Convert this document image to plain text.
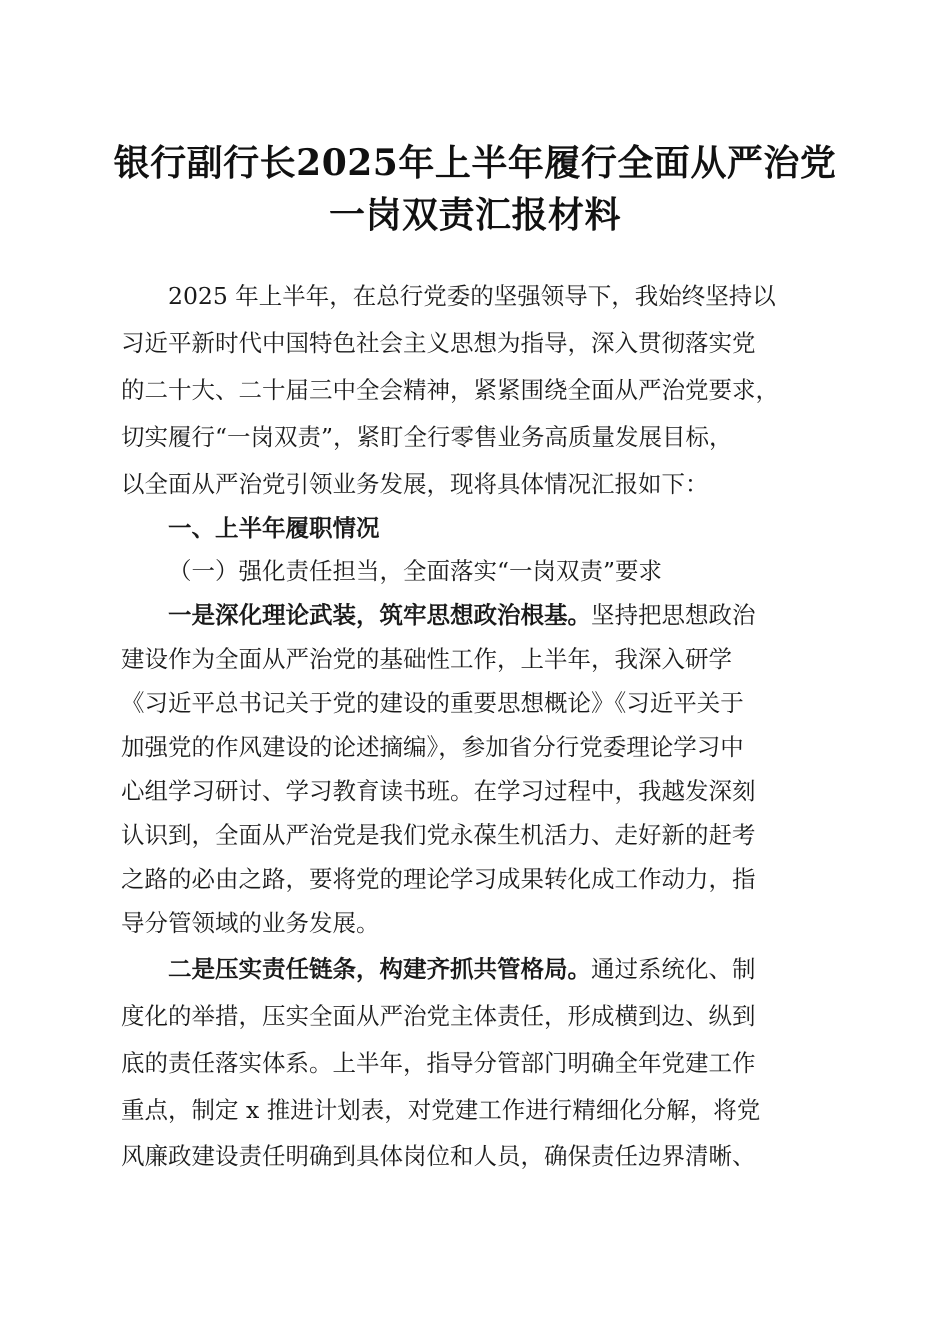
银行副行长2025年上半年履行全面从严治党
一岗双责汇报材料
2025 年上半年，在总行党委的坚强领导下，我始终坚持以
习近平新时代中国特色社会主义思想为指导，深入贯彻落实党
的二十大、二十届三中全会精神，紧紧围绕全面从严治党要求，
切实履行“一岗双责”，紧盯全行零售业务高质量发展目标，
以全面从严治党引领业务发展，现将具体情况汇报如下：
一、上半年履职情况
（一）强化责任担当，全面落实“一岗双责”要求
一是深化理论武装，筑牢思想政治根基。坚持把思想政治
建设作为全面从严治党的基础性工作，上半年，我深入研学
《习近平总书记关于党的建设的重要思想概论》《习近平关于
加强党的作风建设的论述摘编》，参加省分行党委理论学习中
心组学习研讨、学习教育读书班。在学习过程中，我越发深刻
认识到，全面从严治党是我们党永葆生机活力、走好新的赶考
之路的必由之路，要将党的理论学习成果转化成工作动力，指
导分管领域的业务发展。
二是压实责任链条，构建齐抓共管格局。通过系统化、制
度化的举措，压实全面从严治党主体责任，形成横到边、纵到
底的责任落实体系。上半年，指导分管部门明确全年党建工作
重点，制定 x 推进计划表，对党建工作进行精细化分解，将党
风廉政建设责任明确到具体岗位和人员，确保责任边界清晰、
